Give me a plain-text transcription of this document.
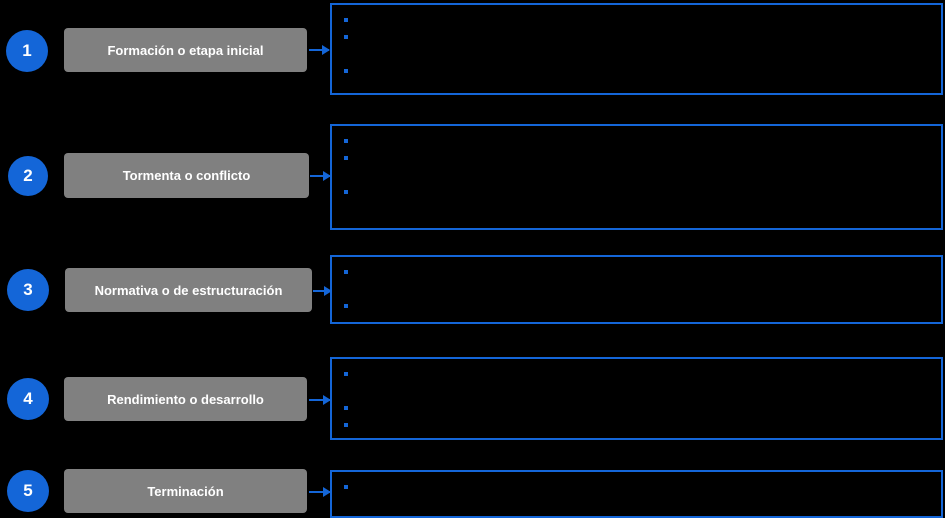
1	Formación o etapa inicial
2	Tormenta o conflicto
3	Normativa o de estructuración
4	Rendimiento o desarrollo
5	Terminación
